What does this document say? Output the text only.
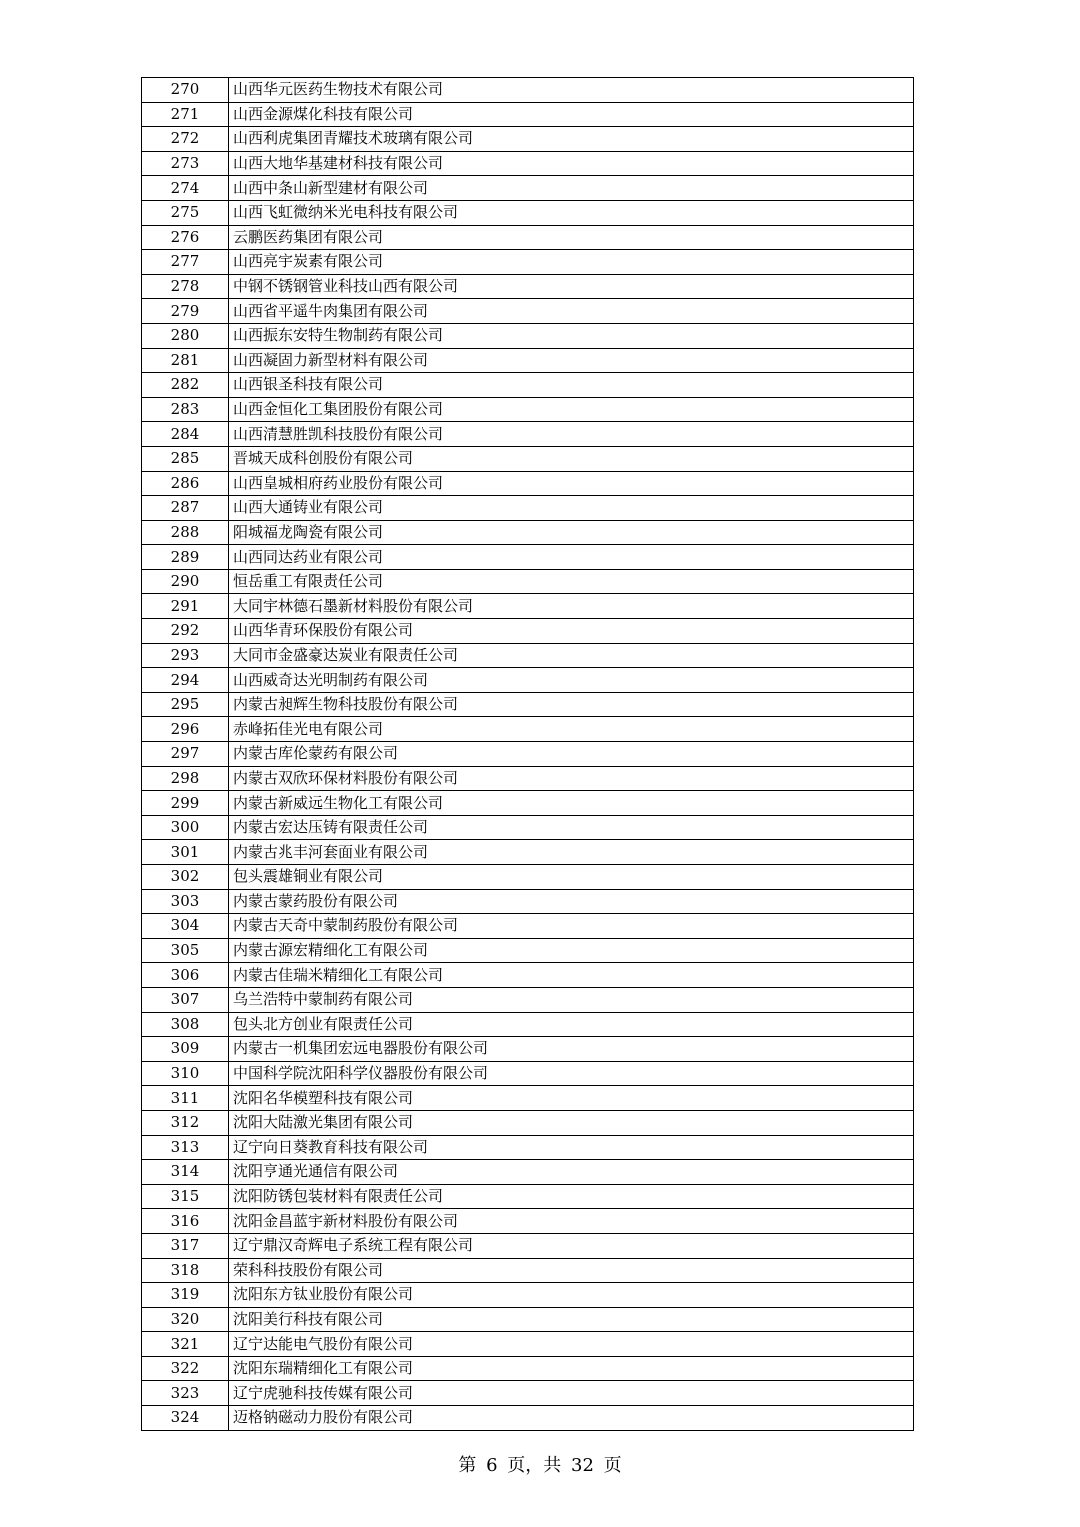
270	山西华元医药生物技术有限公司
271	山西金源煤化科技有限公司
272	山西利虎集团青耀技术玻璃有限公司
273	山西大地华基建材科技有限公司
274	山西中条山新型建材有限公司
275	山西飞虹微纳米光电科技有限公司
276	云鹏医药集团有限公司
277	山西亮宇炭素有限公司
278	中钢不锈钢管业科技山西有限公司
279	山西省平遥牛肉集团有限公司
280	山西振东安特生物制药有限公司
281	山西凝固力新型材料有限公司
282	山西银圣科技有限公司
283	山西金恒化工集团股份有限公司
284	山西清慧胜凯科技股份有限公司
285	晋城天成科创股份有限公司
286	山西皇城相府药业股份有限公司
287	山西大通铸业有限公司
288	阳城福龙陶瓷有限公司
289	山西同达药业有限公司
290	恒岳重工有限责任公司
291	大同宇林德石墨新材料股份有限公司
292	山西华青环保股份有限公司
293	大同市金盛豪达炭业有限责任公司
294	山西威奇达光明制药有限公司
295	内蒙古昶辉生物科技股份有限公司
296	赤峰拓佳光电有限公司
297	内蒙古库伦蒙药有限公司
298	内蒙古双欣环保材料股份有限公司
299	内蒙古新威远生物化工有限公司
300	内蒙古宏达压铸有限责任公司
301	内蒙古兆丰河套面业有限公司
302	包头震雄铜业有限公司
303	内蒙古蒙药股份有限公司
304	内蒙古天奇中蒙制药股份有限公司
305	内蒙古源宏精细化工有限公司
306	内蒙古佳瑞米精细化工有限公司
307	乌兰浩特中蒙制药有限公司
308	包头北方创业有限责任公司
309	内蒙古一机集团宏远电器股份有限公司
310	中国科学院沈阳科学仪器股份有限公司
311	沈阳名华模塑科技有限公司
312	沈阳大陆激光集团有限公司
313	辽宁向日葵教育科技有限公司
314	沈阳亨通光通信有限公司
315	沈阳防锈包装材料有限责任公司
316	沈阳金昌蓝宇新材料股份有限公司
317	辽宁鼎汉奇辉电子系统工程有限公司
318	荣科科技股份有限公司
319	沈阳东方钛业股份有限公司
320	沈阳美行科技有限公司
321	辽宁达能电气股份有限公司
322	沈阳东瑞精细化工有限公司
323	辽宁虎驰科技传媒有限公司
324	迈格钠磁动力股份有限公司
第 6 页，共 32 页
